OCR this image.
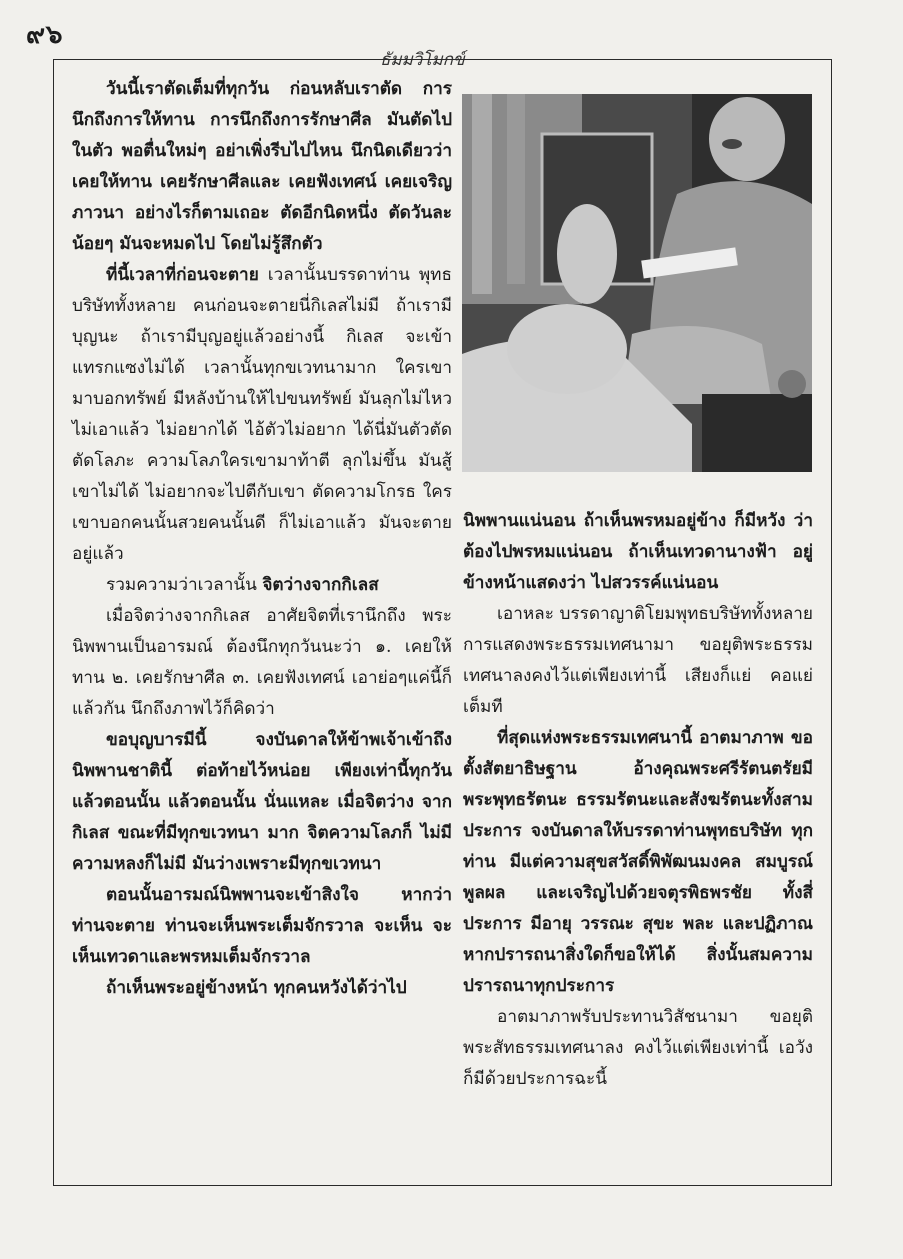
๙๖
ธัมมวิโมกข์

วันนี้เราตัดเต็มที่ทุกวัน ก่อนหลับเราตัด การนึกถึงการให้ทาน การนึกถึงการรักษาศีล มันตัดไปในตัว พอตื่นใหม่ๆ อย่าเพิ่งรีบไปไหน นึกนิดเดียวว่าเคยให้ทาน เคยรักษาศีลและ เคยฟังเทศน์ เคยเจริญภาวนา อย่างไรก็ตามเถอะ ตัดอีกนิดหนึ่ง ตัดวันละน้อยๆ มันจะหมดไป โดยไม่รู้สึกตัว

ที่นี้เวลาที่ก่อนจะตาย เวลานั้นบรรดาท่าน พุทธบริษัททั้งหลาย คนก่อนจะตายนี่กิเลสไม่มี ถ้าเรามีบุญนะ ถ้าเรามีบุญอยู่แล้วอย่างนี้ กิเลส จะเข้าแทรกแซงไม่ได้ เวลานั้นทุกขเวทนามาก ใครเขามาบอกทรัพย์ มีหลังบ้านให้ไปขนทรัพย์ มันลุกไม่ไหว ไม่เอาแล้ว ไม่อยากได้ ไอ้ตัวไม่อยาก ได้นี่มันตัวตัด ตัดโลภะ ความโลภใครเขามาท้าตี ลุกไม่ขึ้น มันสู้เขาไม่ได้ ไม่อยากจะไปตีกับเขา ตัดความโกรธ ใครเขาบอกคนนั้นสวยคนนั้นดี ก็ไม่เอาแล้ว มันจะตายอยู่แล้ว

รวมความว่าเวลานั้น จิตว่างจากกิเลส

เมื่อจิตว่างจากกิเลส อาศัยจิตที่เรานึกถึง พระนิพพานเป็นอารมณ์ ต้องนึกทุกวันนะว่า ๑. เคยให้ทาน ๒. เคยรักษาศีล ๓. เคยฟังเทศน์ เอาย่อๆแค่นี้ก็แล้วกัน นึกถึงภาพไว้ก็คิดว่า

ขอบุญบารมีนี้ จงบันดาลให้ข้าพเจ้าเข้าถึง นิพพานชาตินี้ ต่อท้ายไว้หน่อย เพียงเท่านี้ทุกวัน แล้วตอนนั้น แล้วตอนนั้น นั่นแหละ เมื่อจิตว่าง จากกิเลส ขณะที่มีทุกขเวทนา มาก จิตความโลภก็ ไม่มี ความหลงก็ไม่มี มันว่างเพราะมีทุกขเวทนา

ตอนนั้นอารมณ์นิพพานจะเข้าสิงใจ หากว่า ท่านจะตาย ท่านจะเห็นพระเต็มจักรวาล จะเห็น จะเห็นเทวดาและพรหมเต็มจักรวาล

ถ้าเห็นพระอยู่ข้างหน้า ทุกคนหวังได้ว่าไป

นิพพานแน่นอน ถ้าเห็นพรหมอยู่ข้าง ก็มีหวัง ว่า ต้องไปพรหมแน่นอน ถ้าเห็นเทวดานางฟ้า อยู่ข้างหน้าแสดงว่า ไปสวรรค์แน่นอน

เอาหละ บรรดาญาติโยมพุทธบริษัททั้งหลาย การแสดงพระธรรมเทศนามา ขอยุติพระธรรม เทศนาลงคงไว้แต่เพียงเท่านี้ เสียงก็แย่ คอแย่ เต็มที

ที่สุดแห่งพระธรรมเทศนานี้ อาตมาภาพ ขอตั้งสัตยาธิษฐาน อ้างคุณพระศรีรัตนตรัยมี พระพุทธรัตนะ ธรรมรัตนะและสังฆรัตนะทั้งสาม ประการ จงบันดาลให้บรรดาท่านพุทธบริษัท ทุกท่าน มีแต่ความสุขสวัสดิ์พิพัฒนมงคล สมบูรณ์พูลผล และเจริญไปด้วยจตุรพิธพรชัย ทั้งสี่ประการ มีอายุ วรรณะ สุขะ พละ และปฏิภาณ หากปรารถนาสิ่งใดก็ขอให้ได้ สิ่งนั้นสมความปรารถนาทุกประการ

อาตมาภาพรับประทานวิสัชนามา ขอยุติ พระสัทธรรมเทศนาลง คงไว้แต่เพียงเท่านี้ เอวังก็มีด้วยประการฉะนี้
